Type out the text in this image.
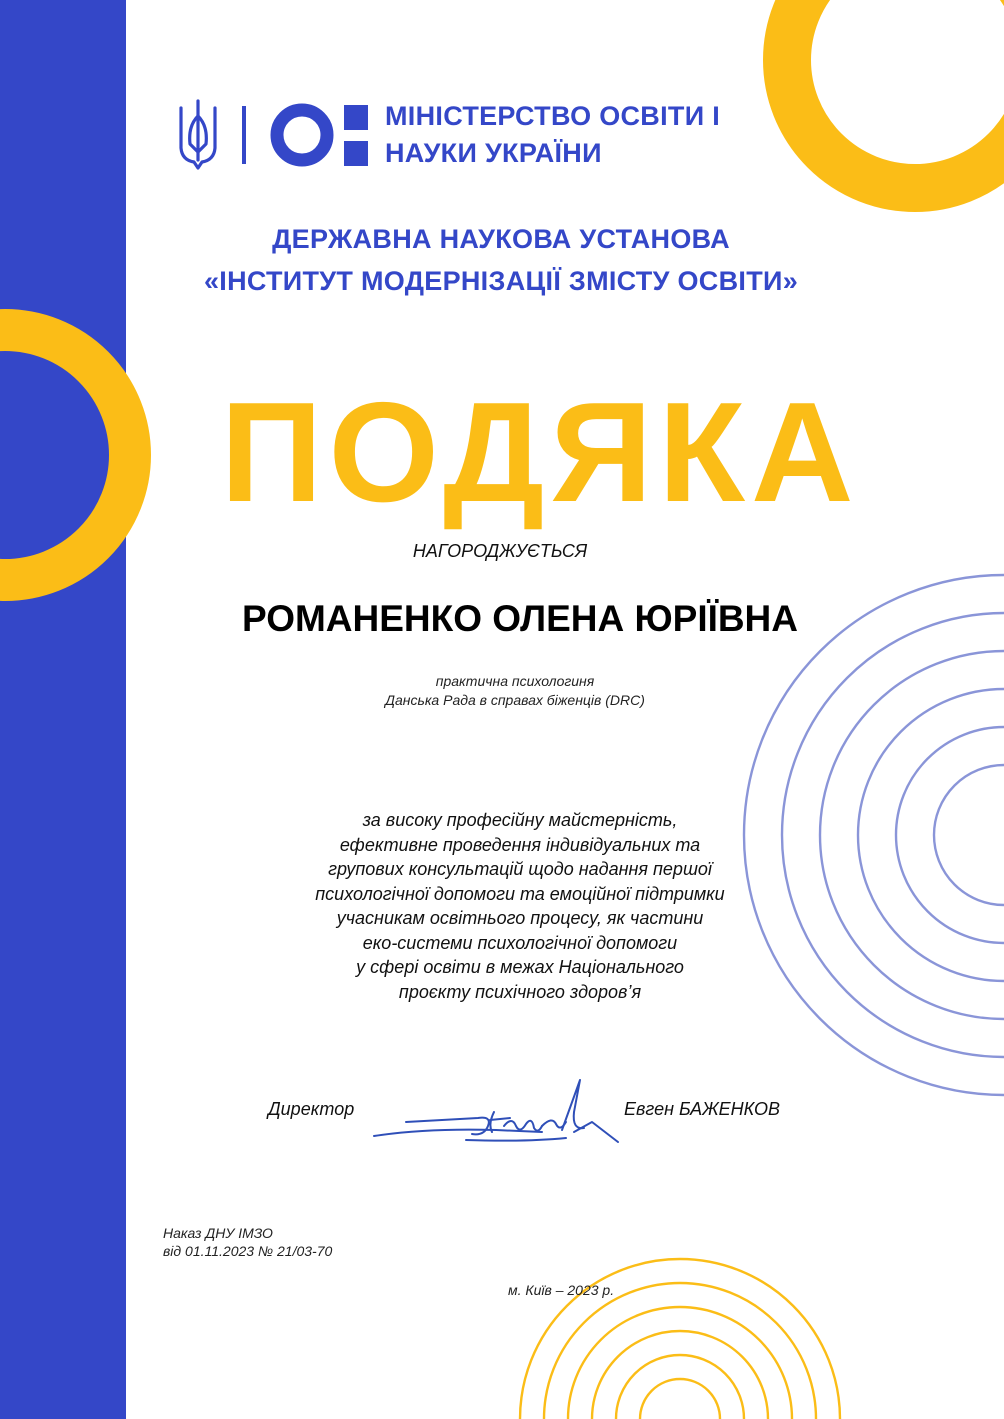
МІНІСТЕРСТВО ОСВІТИ І
НАУКИ УКРАЇНИ
ДЕРЖАВНА НАУКОВА УСТАНОВА
«ІНСТИТУТ МОДЕРНІЗАЦІЇ ЗМІСТУ ОСВІТИ»
ПОДЯКА
НАГОРОДЖУЄТЬСЯ
РОМАНЕНКО ОЛЕНА ЮРІЇВНА
практична психологиня
Данська Рада в справах біженців (DRC)
за високу професійну майстерність,
ефективне проведення індивідуальних та
групових консультацій щодо надання першої
психологічної допомоги та емоційної підтримки
учасникам освітнього процесу, як частини
еко-системи психологічної допомоги
у сфері освіти в межах Національного
проєкту психічного здоров’я
Директор	Евген БАЖЕНКОВ
Наказ ДНУ ІМЗО
від 01.11.2023 № 21/03-70
м. Київ – 2023 р.
